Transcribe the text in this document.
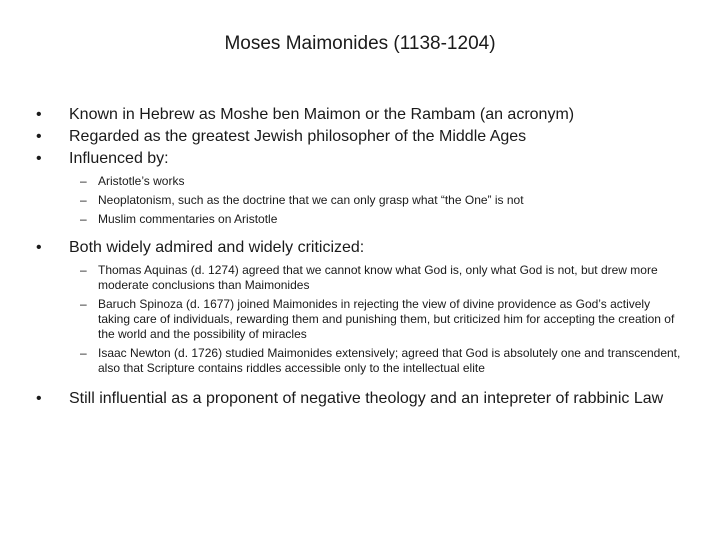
Moses Maimonides (1138-1204)
• Known in Hebrew as Moshe ben Maimon or the Rambam (an acronym)
• Regarded as the greatest Jewish philosopher of the Middle Ages
• Influenced by:
– Aristotle’s works
– Neoplatonism, such as the doctrine that we can only grasp what “the One” is not
– Muslim commentaries on Aristotle
• Both widely admired and widely criticized:
– Thomas Aquinas (d. 1274) agreed that we cannot know what God is, only what God is not, but drew more moderate conclusions than Maimonides
– Baruch Spinoza (d. 1677) joined Maimonides in rejecting the view of divine providence as God’s actively taking care of individuals, rewarding them and punishing them, but criticized him for accepting the creation of the world and the possibility of miracles
– Isaac Newton (d. 1726) studied Maimonides extensively; agreed that God is absolutely one and transcendent, also that Scripture contains riddles accessible only to the intellectual elite
• Still influential as a proponent of negative theology and an intepreter of rabbinic Law
